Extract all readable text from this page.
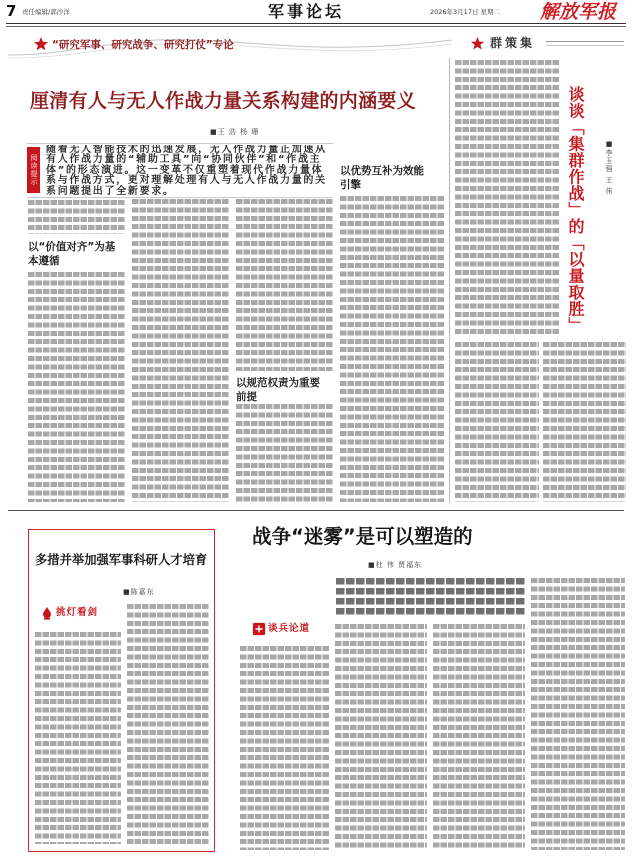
7 责任编辑/郭沙洋	军事论坛	2026年3月17日 星期二 解放军报
“研究军事、研究战争、研究打仗”专论	群策集
厘清有人与无人作战力量关系构建的内涵要义
■王 浩 杨 珊
阅读提示
随着无人智能技术的迅速发展，无人作战力量正加速从有人作战力量的“辅助工具”向“协同伙伴”和“作战主体”的形态演进。这一变革不仅重塑着现代作战力量体系与作战方式，更对理解处理有人与无人作战力量的关系问题提出了全新要求。
以“价值对齐”为基本遵循
以规范权责为重要前提
以优势互补为效能引擎	谈谈「集群作战」的「以量取胜」	■李玉强 王 伟
多措并举加强军事科研人才培育
■陈嘉东
挑灯看剑
战争“迷雾”是可以塑造的
■杜 伟 贾福东
谈兵论道
